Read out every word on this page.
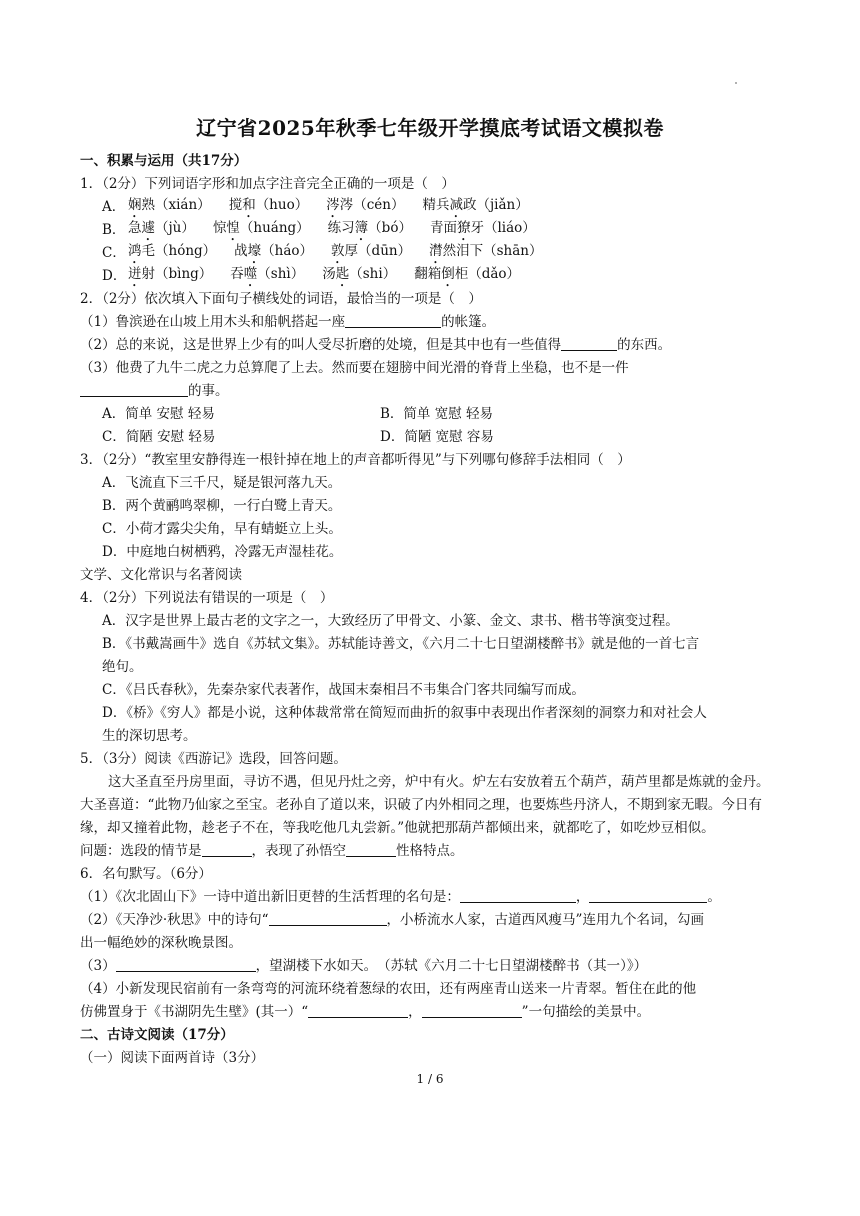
辽宁省2025年秋季七年级开学摸底考试语文模拟卷
一、积累与运用（共17分）
1．（2分）下列词语字形和加点字注音完全正确的一项是（　）
A． 娴熟（xián） 搅和（huo） 涔涔（cén） 精兵减政（jiǎn）
B． 急遽（jù） 惊惶（huáng） 练习簿（bó） 青面獠牙（liáo）
C． 鸿毛（hóng） 战壕（háo） 敦厚（dūn） 潸然泪下（shān）
D． 迸射（bìng） 吞噬（shì） 汤匙（shi） 翻箱倒柜（dǎo）
2．（2分）依次填入下面句子横线处的词语，最恰当的一项是（　）
（1）鲁滨逊在山坡上用木头和船帆搭起一座	的帐篷。
（2）总的来说，这是世界上少有的叫人受尽折磨的处境，但是其中也有一些值得	的东西。
（3）他费了九牛二虎之力总算爬了上去。然而要在翅膀中间光滑的脊背上坐稳，也不是一件
的事。
A．简单 安慰 轻易	B．简单 宽慰 轻易
C．简陋 安慰 轻易	D．简陋 宽慰 容易
3．（2分）“教室里安静得连一根针掉在地上的声音都听得见”与下列哪句修辞手法相同（　）
A．飞流直下三千尺，疑是银河落九天。
B．两个黄鹂鸣翠柳，一行白鹭上青天。
C．小荷才露尖尖角，早有蜻蜓立上头。
D．中庭地白树栖鸦，冷露无声湿桂花。
文学、文化常识与名著阅读
4．（2分）下列说法有错误的一项是（　）
A．汉字是世界上最古老的文字之一，大致经历了甲骨文、小篆、金文、隶书、楷书等演变过程。
B．《书戴嵩画牛》选自《苏轼文集》。苏轼能诗善文，《六月二十七日望湖楼醉书》就是他的一首七言
绝句。
C．《吕氏春秋》，先秦杂家代表著作，战国末秦相吕不韦集合门客共同编写而成。
D．《桥》《穷人》都是小说，这种体裁常常在简短而曲折的叙事中表现出作者深刻的洞察力和对社会人
生的深切思考。
5．（3分）阅读《西游记》选段，回答问题。
这大圣直至丹房里面，寻访不遇，但见丹灶之旁，炉中有火。炉左右安放着五个葫芦，葫芦里都是炼就的金丹。大圣喜道：“此物乃仙家之至宝。老孙自了道以来，识破了内外相同之理，也要炼些丹济人，不期到家无暇。今日有缘，却又撞着此物，趁老子不在，等我吃他几丸尝新。”他就把那葫芦都倾出来，就都吃了，如吃炒豆相似。
问题：选段的情节是	，表现了孙悟空	性格特点。
6．名句默写。（6分）
（1）《次北固山下》一诗中道出新旧更替的生活哲理的名句是：	，	。
（2）《天净沙·秋思》中的诗句“	，小桥流水人家，古道西风瘦马”连用九个名词，勾画
出一幅绝妙的深秋晚景图。
（3）	，望湖楼下水如天。　（苏轼《六月二十七日望湖楼醉书（其一）》）
（4）小新发现民宿前有一条弯弯的河流环绕着葱绿的农田，还有两座青山送来一片青翠。暂住在此的他
仿佛置身于《书湖阴先生壁》(其一）“	，	”一句描绘的美景中。
二、古诗文阅读（17分）
（一）阅读下面两首诗（3分）
1 / 6
